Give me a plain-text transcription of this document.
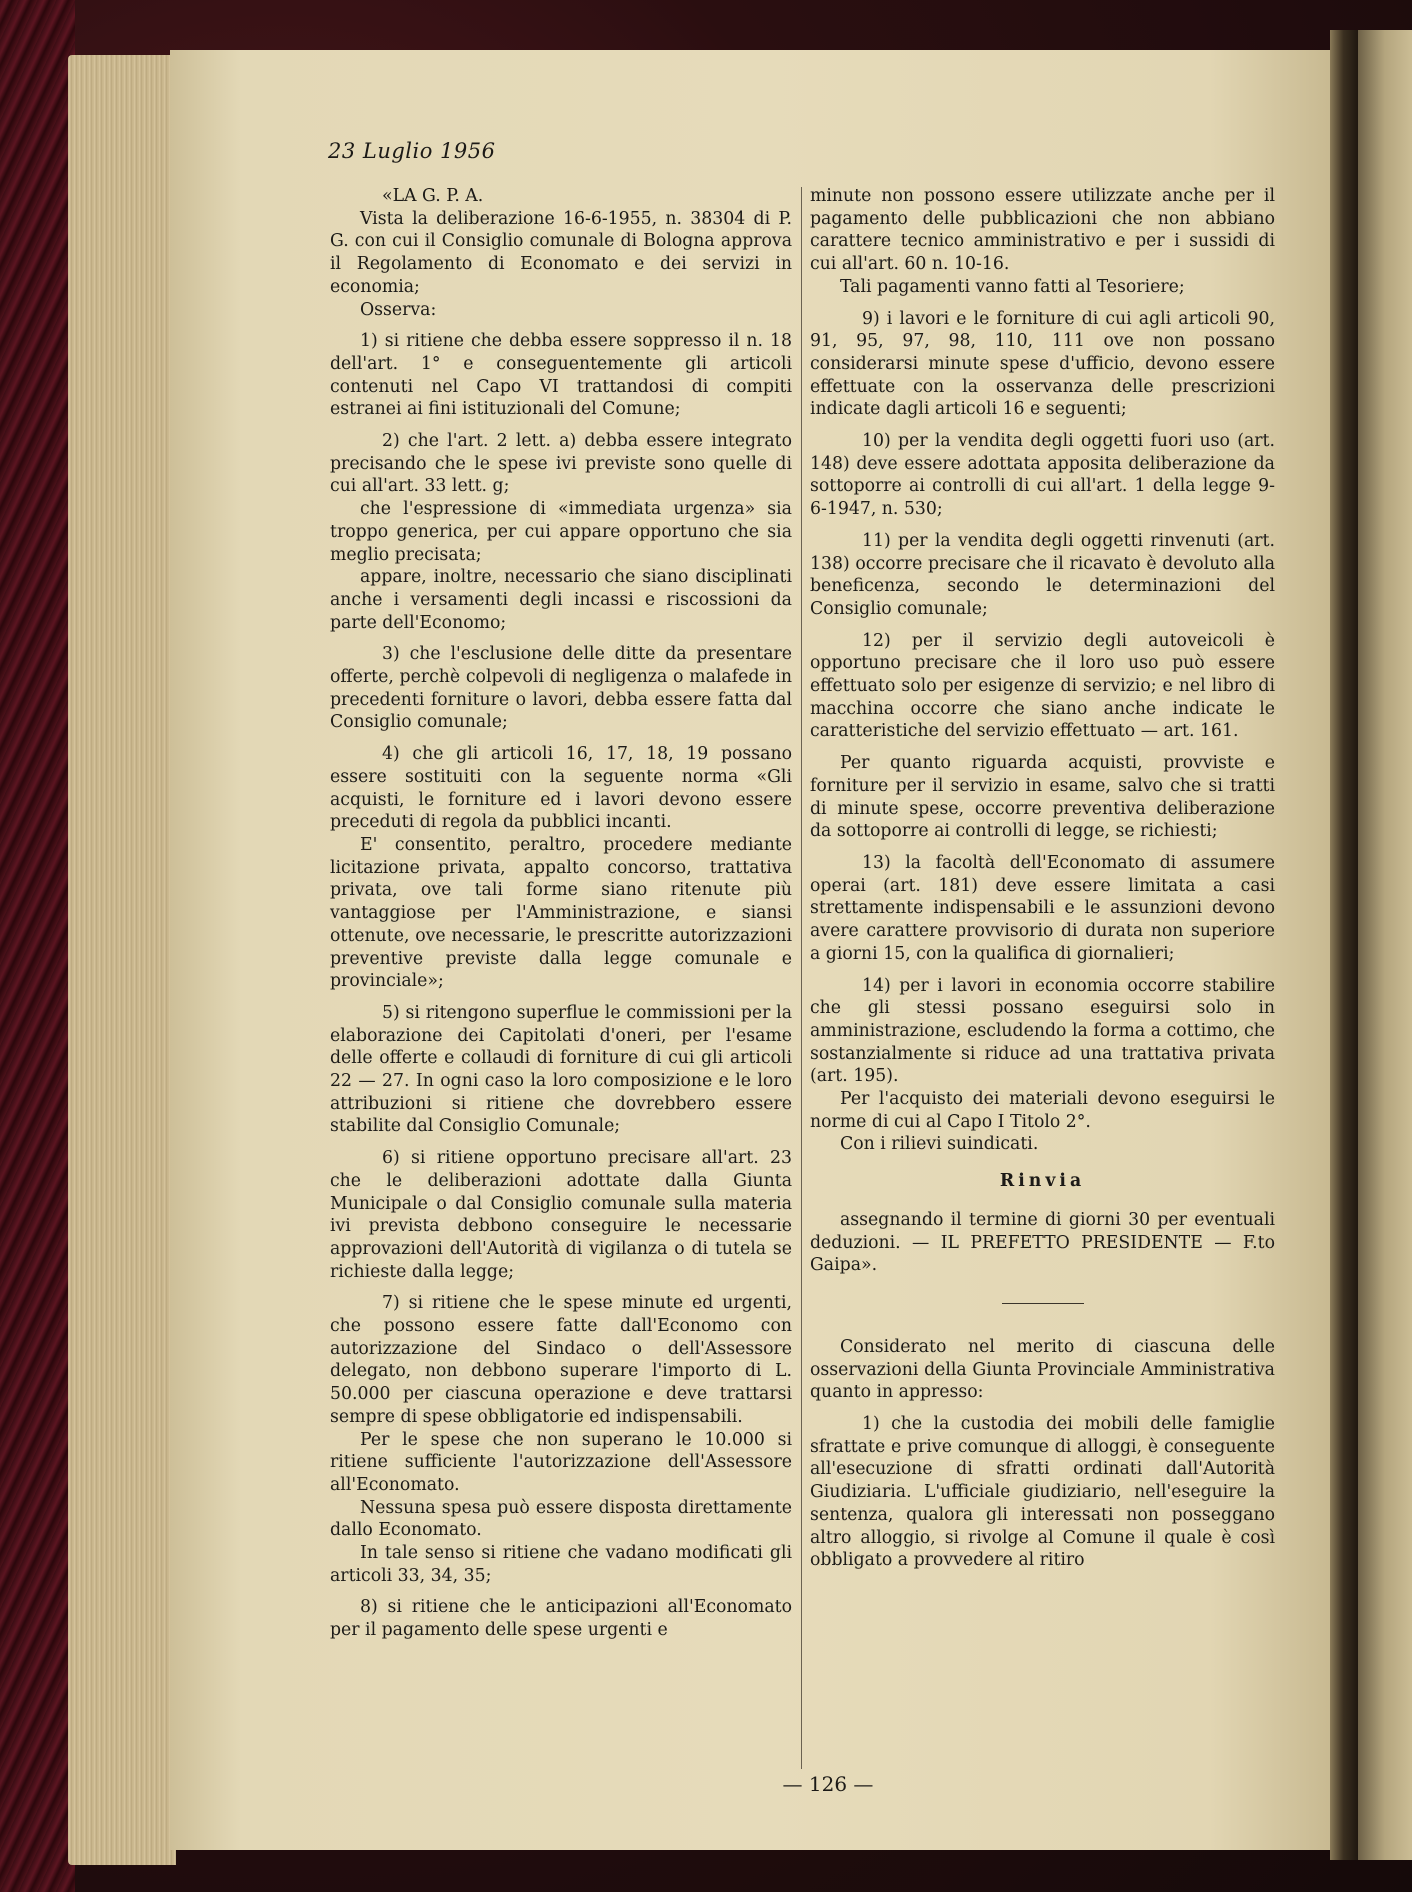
23 Luglio 1956

«LA G. P. A.

Vista la deliberazione 16-6-1955, n. 38304 di P. G. con cui il Consiglio comunale di Bologna approva il Regolamento di Economato e dei servizi in economia;

Osserva:

1) si ritiene che debba essere soppresso il n. 18 dell'art. 1° e conseguentemente gli articoli contenuti nel Capo VI trattandosi di compiti estranei ai fini istituzionali del Comune;

2) che l'art. 2 lett. a) debba essere integrato precisando che le spese ivi previste sono quelle di cui all'art. 33 lett. g;

che l'espressione di «immediata urgenza» sia troppo generica, per cui appare opportuno che sia meglio precisata;

appare, inoltre, necessario che siano disciplinati anche i versamenti degli incassi e riscossioni da parte dell'Economo;

3) che l'esclusione delle ditte da presentare offerte, perchè colpevoli di negligenza o malafede in precedenti forniture o lavori, debba essere fatta dal Consiglio comunale;

4) che gli articoli 16, 17, 18, 19 possano essere sostituiti con la seguente norma «Gli acquisti, le forniture ed i lavori devono essere preceduti di regola da pubblici incanti.

E' consentito, peraltro, procedere mediante licitazione privata, appalto concorso, trattativa privata, ove tali forme siano ritenute più vantaggiose per l'Amministrazione, e siansi ottenute, ove necessarie, le prescritte autorizzazioni preventive previste dalla legge comunale e provinciale»;

5) si ritengono superflue le commissioni per la elaborazione dei Capitolati d'oneri, per l'esame delle offerte e collaudi di forniture di cui gli articoli 22 — 27. In ogni caso la loro composizione e le loro attribuzioni si ritiene che dovrebbero essere stabilite dal Consiglio Comunale;

6) si ritiene opportuno precisare all'art. 23 che le deliberazioni adottate dalla Giunta Municipale o dal Consiglio comunale sulla materia ivi prevista debbono conseguire le necessarie approvazioni dell'Autorità di vigilanza o di tutela se richieste dalla legge;

7) si ritiene che le spese minute ed urgenti, che possono essere fatte dall'Economo con autorizzazione del Sindaco o dell'Assessore delegato, non debbono superare l'importo di L. 50.000 per ciascuna operazione e deve trattarsi sempre di spese obbligatorie ed indispensabili.

Per le spese che non superano le 10.000 si ritiene sufficiente l'autorizzazione dell'Assessore all'Economato.

Nessuna spesa può essere disposta direttamente dallo Economato.

In tale senso si ritiene che vadano modificati gli articoli 33, 34, 35;

8) si ritiene che le anticipazioni all'Economato per il pagamento delle spese urgenti e

minute non possono essere utilizzate anche per il pagamento delle pubblicazioni che non abbiano carattere tecnico amministrativo e per i sussidi di cui all'art. 60 n. 10-16.

Tali pagamenti vanno fatti al Tesoriere;

9) i lavori e le forniture di cui agli articoli 90, 91, 95, 97, 98, 110, 111 ove non possano considerarsi minute spese d'ufficio, devono essere effettuate con la osservanza delle prescrizioni indicate dagli articoli 16 e seguenti;

10) per la vendita degli oggetti fuori uso (art. 148) deve essere adottata apposita deliberazione da sottoporre ai controlli di cui all'art. 1 della legge 9-6-1947, n. 530;

11) per la vendita degli oggetti rinvenuti (art. 138) occorre precisare che il ricavato è devoluto alla beneficenza, secondo le determinazioni del Consiglio comunale;

12) per il servizio degli autoveicoli è opportuno precisare che il loro uso può essere effettuato solo per esigenze di servizio; e nel libro di macchina occorre che siano anche indicate le caratteristiche del servizio effettuato — art. 161.

Per quanto riguarda acquisti, provviste e forniture per il servizio in esame, salvo che si tratti di minute spese, occorre preventiva deliberazione da sottoporre ai controlli di legge, se richiesti;

13) la facoltà dell'Economato di assumere operai (art. 181) deve essere limitata a casi strettamente indispensabili e le assunzioni devono avere carattere provvisorio di durata non superiore a giorni 15, con la qualifica di giornalieri;

14) per i lavori in economia occorre stabilire che gli stessi possano eseguirsi solo in amministrazione, escludendo la forma a cottimo, che sostanzialmente si riduce ad una trattativa privata (art. 195).

Per l'acquisto dei materiali devono eseguirsi le norme di cui al Capo I Titolo 2°.

Con i rilievi suindicati.

Rinvia

assegnando il termine di giorni 30 per eventuali deduzioni. — IL PREFETTO PRESIDENTE — F.to Gaipa».

Considerato nel merito di ciascuna delle osservazioni della Giunta Provinciale Amministrativa quanto in appresso:

1) che la custodia dei mobili delle famiglie sfrattate e prive comunque di alloggi, è conseguente all'esecuzione di sfratti ordinati dall'Autorità Giudiziaria. L'ufficiale giudiziario, nell'eseguire la sentenza, qualora gli interessati non posseggano altro alloggio, si rivolge al Comune il quale è così obbligato a provvedere al ritiro

— 126 —
